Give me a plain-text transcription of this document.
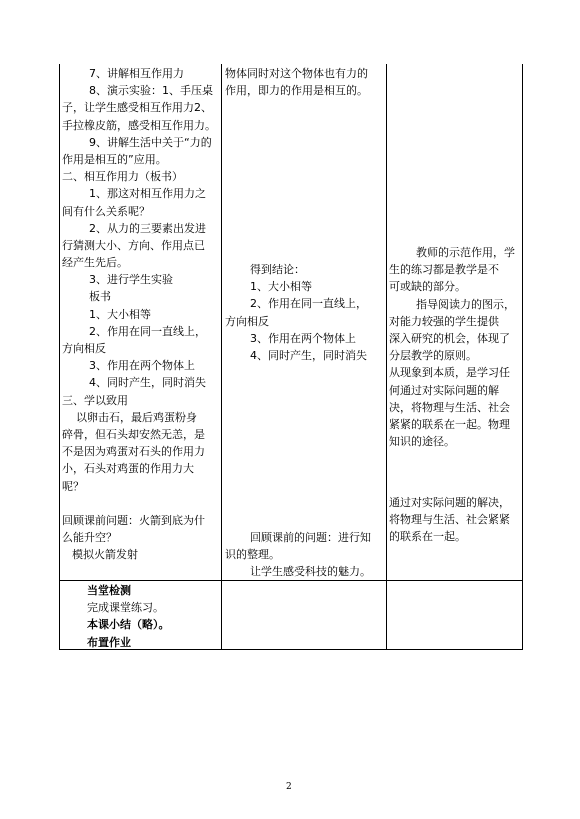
7、讲解相互作用力

8、演示实验：1、手压桌

子，让学生感受相互作用力2、

手拉橡皮筋，感受相互作用力。

9、讲解生活中关于“力的

作用是相互的”应用。

二、相互作用力（板书）

1、那这对相互作用力之

间有什么关系呢？

2、从力的三要素出发进

行猜测大小、方向、作用点已

经产生先后。

3、进行学生实验

板书

1、大小相等

2、作用在同一直线上，

方向相反

3、作用在两个物体上

4、同时产生，同时消失

三、学以致用

以卵击石，最后鸡蛋粉身

碎骨，但石头却安然无恙，是

不是因为鸡蛋对石头的作用力

小，石头对鸡蛋的作用力大

呢？

回顾课前问题：火箭到底为什

么能升空？

模拟火箭发射

物体同时对这个物体也有力的

作用，即力的作用是相互的。

得到结论：

1、大小相等

2、作用在同一直线上，

方向相反

3、作用在两个物体上

4、同时产生，同时消失

回顾课前的问题：进行知

识的整理。

让学生感受科技的魅力。

教师的示范作用，学

生的练习都是教学是不

可或缺的部分。

指导阅读力的图示，

对能力较强的学生提供

深入研究的机会，体现了

分层教学的原则。

从现象到本质，是学习任

何通过对实际问题的解

决，将物理与生活、社会

紧紧的联系在一起。物理

知识的途径。

通过对实际问题的解决，

将物理与生活、社会紧紧

的联系在一起。

当堂检测

完成课堂练习。

本课小结（略）。

布置作业

2
